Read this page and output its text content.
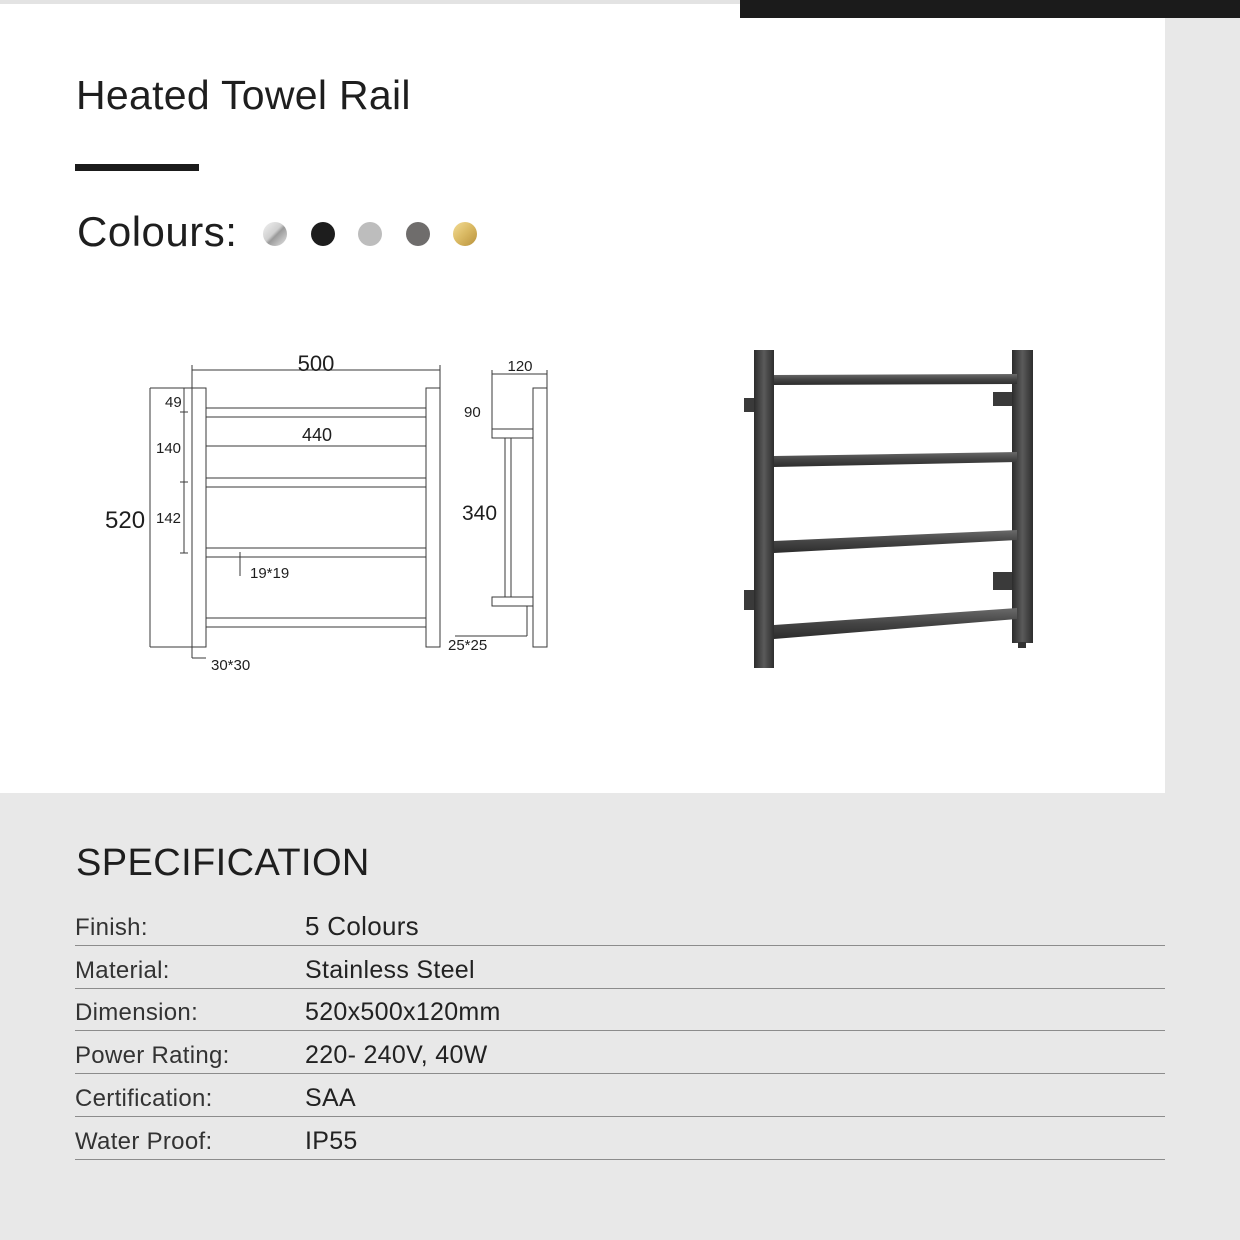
Heated Towel Rail
Colours:
500
440
520
49
140
142
19*19
30*30
120
90
340
25*25
SPECIFICATION
Finish:	5 Colours
Material:	Stainless Steel
Dimension:	520x500x120mm
Power Rating:	220- 240V, 40W
Certification:	SAA
Water Proof:	IP55
